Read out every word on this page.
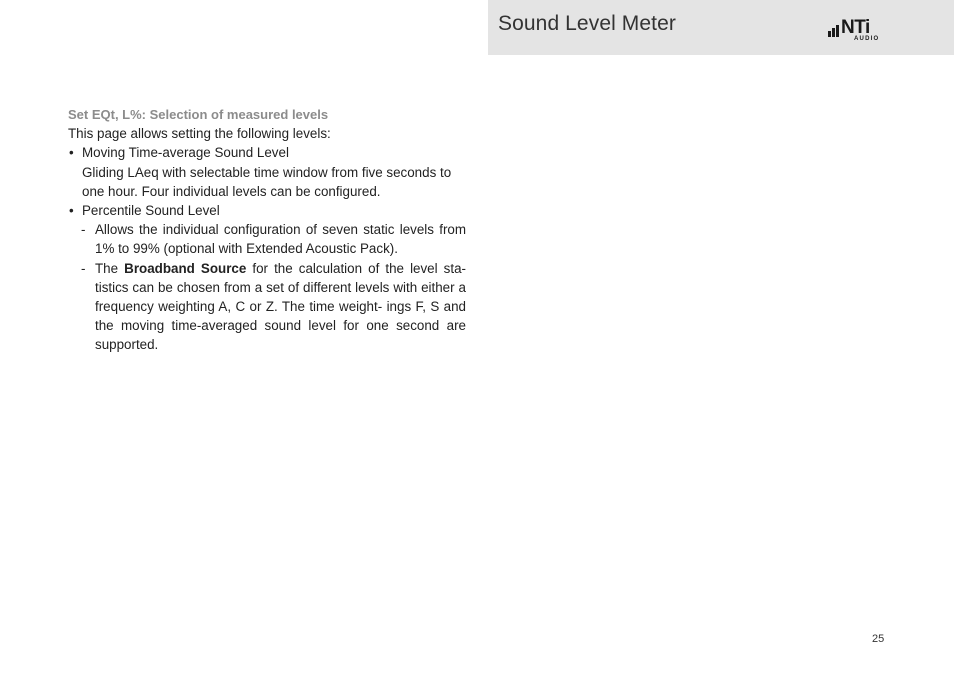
Sound Level Meter	NTi
AUDIO
Set EQt, L%: Selection of measured levels
This page allows setting the following levels:
• Moving Time-average Sound Level
Gliding LAeq with selectable time window from five seconds to one hour. Four individual levels can be configured.
• Percentile Sound Level
- Allows the individual configuration of seven static levels from 1% to 99% (optional with Extended Acoustic Pack).
- The Broadband Source for the calculation of the level sta- tistics can be chosen from a set of different levels with either a frequency weighting A, C or Z. The time weight- ings F, S and the moving time-averaged sound level for one second are supported.
25
